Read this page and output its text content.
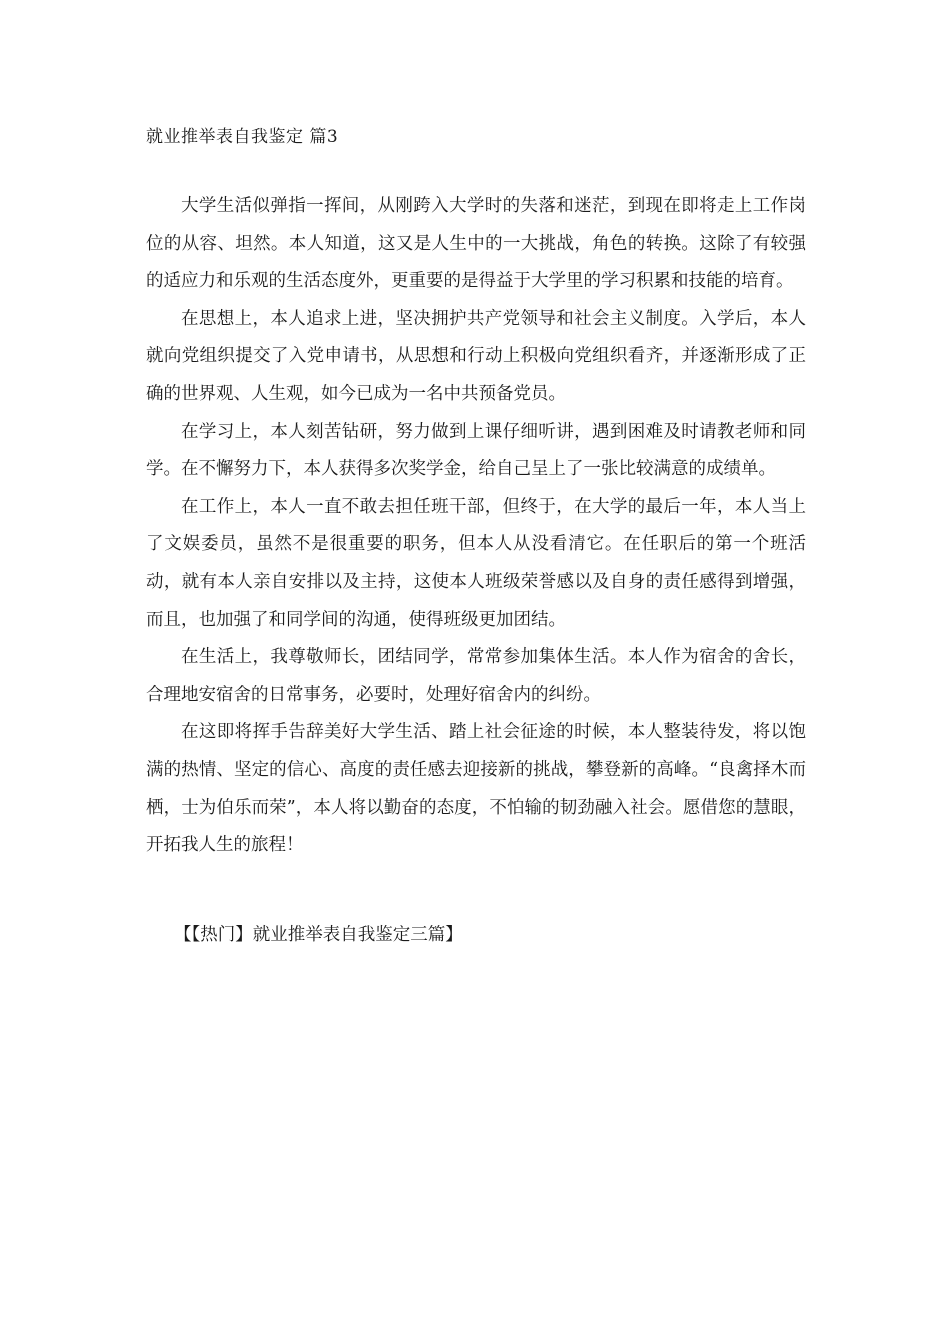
就业推举表自我鉴定 篇3

大学生活似弹指一挥间，从刚跨入大学时的失落和迷茫，到现在即将走上工作岗位的从容、坦然。本人知道，这又是人生中的一大挑战，角色的转换。这除了有较强的适应力和乐观的生活态度外，更重要的是得益于大学里的学习积累和技能的培育。

在思想上，本人追求上进，坚决拥护共产党领导和社会主义制度。入学后，本人就向党组织提交了入党申请书，从思想和行动上积极向党组织看齐，并逐渐形成了正确的世界观、人生观，如今已成为一名中共预备党员。

在学习上，本人刻苦钻研，努力做到上课仔细听讲，遇到困难及时请教老师和同学。在不懈努力下，本人获得多次奖学金，给自己呈上了一张比较满意的成绩单。

在工作上，本人一直不敢去担任班干部，但终于，在大学的最后一年，本人当上了文娱委员，虽然不是很重要的职务，但本人从没看清它。在任职后的第一个班活动，就有本人亲自安排以及主持，这使本人班级荣誉感以及自身的责任感得到增强，而且，也加强了和同学间的沟通，使得班级更加团结。

在生活上，我尊敬师长，团结同学，常常参加集体生活。本人作为宿舍的舍长，合理地安宿舍的日常事务，必要时，处理好宿舍内的纠纷。

在这即将挥手告辞美好大学生活、踏上社会征途的时候，本人整装待发，将以饱满的热情、坚定的信心、高度的责任感去迎接新的挑战，攀登新的高峰。“良禽择木而栖，士为伯乐而荣”，本人将以勤奋的态度，不怕输的韧劲融入社会。愿借您的慧眼，开拓我人生的旅程！

【【热门】就业推举表自我鉴定三篇】
